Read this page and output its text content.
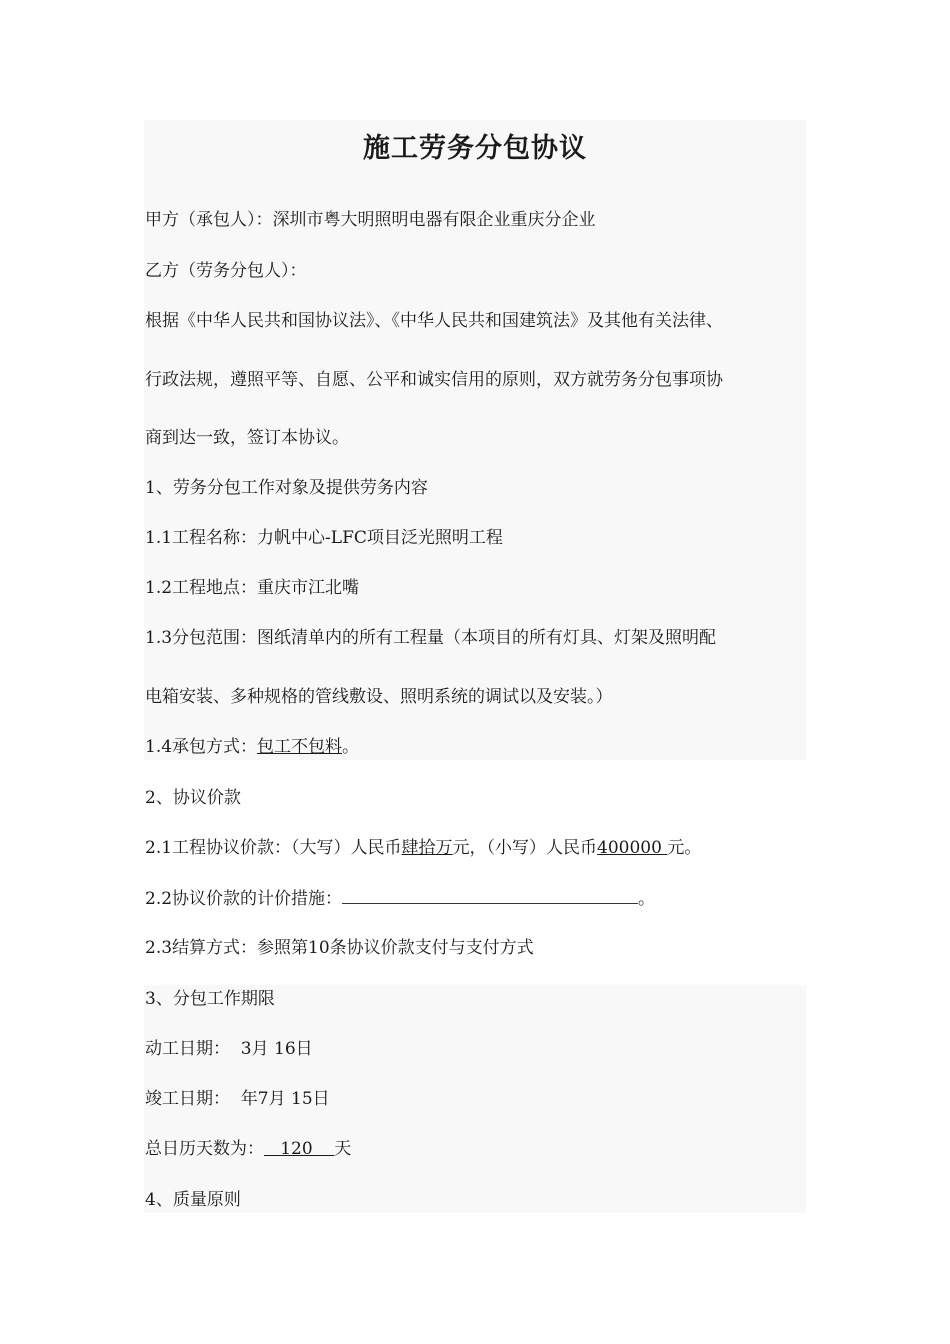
施工劳务分包协议
甲方（承包人）：深圳市粤大明照明电器有限企业重庆分企业
乙方（劳务分包人）：
根据《中华人民共和国协议法》、《中华人民共和国建筑法》及其他有关法律、
行政法规，遵照平等、自愿、公平和诚实信用的原则，双方就劳务分包事项协
商到达一致，签订本协议。
1、劳务分包工作对象及提供劳务内容
1.1工程名称：力帆中心-LFC项目泛光照明工程
1.2工程地点：重庆市江北嘴
1.3分包范围：图纸清单内的所有工程量（本项目的所有灯具、灯架及照明配
电箱安装、多种规格的管线敷设、照明系统的调试以及安装。）
1.4承包方式：包工不包料。
2、协议价款
2.1工程协议价款：（大写）人民币肆拾万元，（小写）人民币400000 元。
2.2协议价款的计价措施：	。
2.3结算方式：参照第10条协议价款支付与支付方式
3、分包工作期限
动工日期：  3月 16日
竣工日期：  年7月 15日
总日历天数为：   120    天
4、质量原则
